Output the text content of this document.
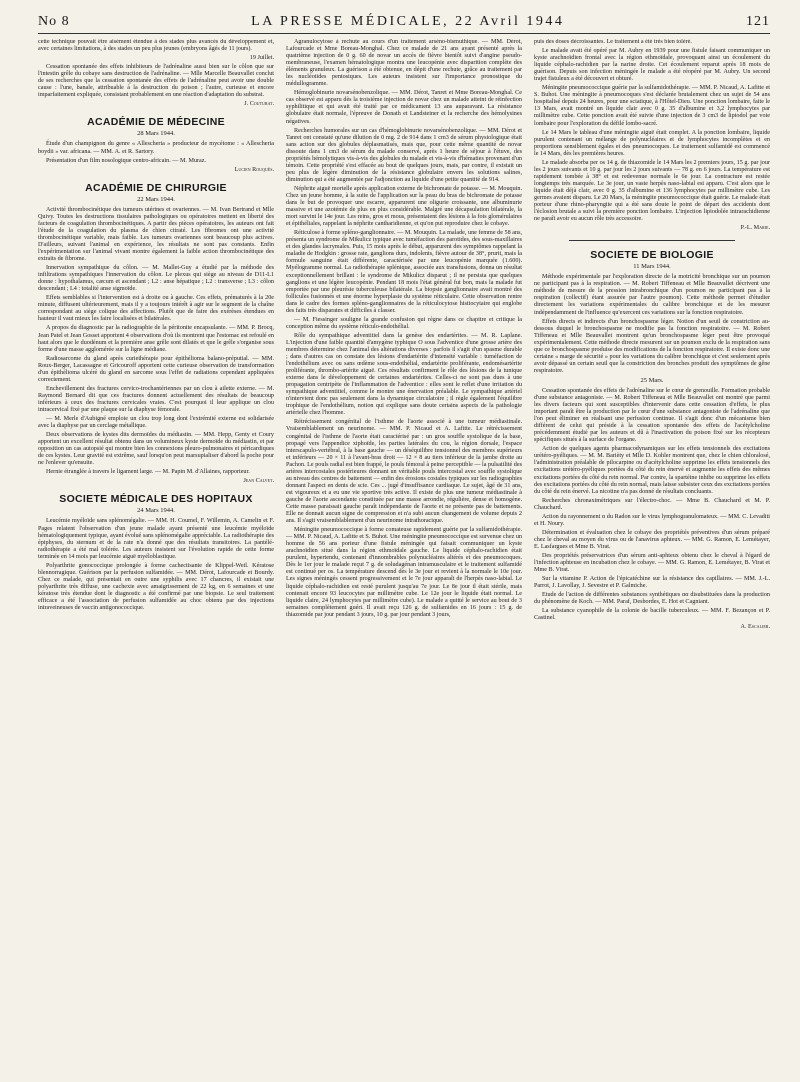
No 8	LA PRESSE MÉDICALE, 22 Avril 1944	121

cette technique pouvait être aisément étendue à des stades plus avancés du développement et, avec certaines limitations, à des stades un peu plus jeunes (embryons âgés de 11 jours).

19 Juillet.

Cessation spontanée des effets inhibiteurs de l'adrénaline aussi bien sur le côlon que sur l'intestin grêle du cobaye sans destruction de l'adrénaline. — Mlle Marcelle Beauvallet conclut de ses recherches que la cessation spontanée des effets de l'adrénaline peut avoir une double cause : l'une, banale, attribuable à la destruction du poison ; l'autre, curieuse et encore imparfaitement expliquée, consistant probablement en une réaction d'adaptation du substrat.

J. Couturat.

ACADÉMIE DE MÉDECINE
28 Mars 1944.

Étude d'un champignon du genre « Allescheria » producteur de mycétome : « Allescheria boydii » var. africana. — MM. A. et R. Sartory.

Présentation d'un film nosologique centro-africain. — M. Muraz.

Lucien Rouquès.

ACADÉMIE DE CHIRURGIE
22 Mars 1944.

Activité thrombocinétique des tumeurs utérines et ovariennes. — M. Ivan Bertrand et Mlle Quivy. Toutes les destructions tissulaires pathologiques ou opératoires mettent en liberté des facteurs de coagulation thrombocinétiques. A partir des pièces opératoires, les auteurs ont fait l'étude de la coagulation du plasma de chien citraté. Les fibromes ont une activité thrombocinétique variable, mais faible. Les tumeurs ovariennes sont beaucoup plus actives. D'ailleurs, suivant l'animal en expérience, les résultats ne sont pas constants. Enfin l'expérimentation sur l'animal vivant montre également la faible action thrombocinétique des extraits de fibrome.

Innervation sympathique du côlon. — M. Mallet-Guy a étudié par la méthode des infiltrations sympathiques l'innervation du côlon. Le plexus qui siège au niveau de D11-L1 donne : hypothalamus, cæcum et ascendant ; L2 : anse hépatique ; L2 : transverse ; L3 : côlon descendant ; L4 : totalité anse sigmoïde.

Effets semblables si l'intervention est à droite ou à gauche. Ces effets, prématurés à la 20e minute, diffusent ultérieurement, mais il y a toujours intérêt à agir sur le segment de la chaîne correspondant au siège colique des affections. Plutôt que de faire des exérèses étendues en hauteur il vaut mieux les faire localisées et bilatérales.

A propos du diagnostic par la radiographie de la péritonite encapsulante. — MM. P. Brocq, Jean Patel et Jean Gosset apportent 4 observations d'où ils montrent que l'estomac est refoulé en haut alors que le duodénum et la première anse grêle sont dilatés et que le grêle s'organise sous forme d'une masse agglomérée sur la ligne médiane.

Radiosarcome du gland après curiethérapie pour épithélioma balano-préputial. — MM. Roux-Berger, Lacassagne et Gricouroff apportent cette curieuse observation de transformation d'un épithélioma ulcéré du gland en sarcome sous l'effet de radiations cependant appliquées correctement.

Enchevillement des fractures cervico-trochantériennes par un clou à ailette externe. — M. Raymond Bernard dit que ces fractures donnent actuellement des résultats de beaucoup inférieurs à ceux des fractures cervicales vraies. C'est pourquoi il leur applique un clou intracervical fixé par une plaque sur la diaphyse fémorale.

— M. Merle d'Aubigné emploie un clou trop long dont l'extrémité externe est solidarisée avec la diaphyse par un cerclage métallique.

Deux observations de kystes dits dermoïdes du médiastin. — MM. Hepp, Genty et Coury apportent un excellent résultat obtenu dans un volumineux kyste dermoïde du médiastin, et par opposition un cas autopsié qui montre bien les connexions pleuro-pulmonaires et péricardiques de ces kystes. Leur gravité est extrême, sauf lorsqu'on peut marsupialiser d'abord la poche pour ne l'enlever qu'ensuite.

Hernie étranglée à travers le ligament large. — M. Papin M. d'Allaines, rapporteur.

Jean Calvet.

SOCIETE MÉDICALE DES HOPITAUX
24 Mars 1944.

Leucémie myéloïde sans splénomégalie. — MM. H. Coumel, F. Willemin, A. Camelin et F. Pages relatent l'observation d'un jeune malade ayant présenté une leucémie myéloïde hématologiquement typique, ayant évolué sans splénomégalie appréciable. La radiothérapie des épiphyses, du sternum et de la rate n'a donné que des résultats transitoires. La pantélé-radiothérapie a été mal tolérée. Les auteurs insistent sur l'évolution rapide de cette forme terminée en 14 mois par leucémie aiguë myéloblastique.

Polyarthrite gonococcique prolongée à forme cachectisante de Klippel-Weil. Kératose blennorragique. Guérison par la perfusion sulfamidée. — MM. Dérot, Lafourcade et Bourdy. Chez ce malade, qui présentait en outre une syphilis avec 17 chancres, il existait une polyarthrite très diffuse, une cachexie avec amaigrissement de 22 kg, en 6 semaines et une kératose très étendue dont le diagnostic a été confirmé par une biopsie. Le seul traitement efficace a été l'association de perfusion sulfamidée au choc obtenu par des injections intraveineuses de vaccin antigonococcique.

Agranulocytose à rechute au cours d'un traitement arséno-bismuthique. — MM. Dérot, Lafourcade et Mme Boreau-Monghal. Chez ce malade de 21 ans ayant présenté après la quatrième injection de 0 g. 60 de novar un accès de fièvre bientôt suivi d'angine pseudo-membraneuse, l'examen hématologique montra une leucopénie avec disparition complète des éléments granuleux. La guérison a été obtenue, en dépit d'une rechute, grâce au traitement par les nucléotides pentosiques. Les auteurs insistent sur l'importance pronostique du médullogramme.

Hémoglobinurie novarsénobenzolique. — MM. Dérot, Tanret et Mme Boreau-Monghal. Ce cas observé est apparu dès la troisième injection de novar chez un malade atteint de réinfection syphilitique et qui avait été traité par ce médicament 13 ans auparavant. La résistance globulaire était normale, l'épreuve de Donath et Landsteiner et la recherche des hémolysines négatives.

Recherches humorales sur un cas d'hémoglobinurie novarsénobenzolique. — MM. Dérot et Tanret ont constaté qu'une dilution de 0 mg. 2 de 914 dans 1 cm3 de sérum physiologique était sans action sur des globules déplasmatisés, mais que, pour cette même quantité de novar dissoute dans 1 cm3 de sérum du malade conservé, après 1 heure de séjour à l'étuve, des propriétés hémolytiques vis-à-vis des globules du malade et vis-à-vis d'hématies provenant d'un témoin. Cette propriété s'est effacée au bout de quelques jours, mais, par contre, il existait un peu plus de légère diminution de la résistance globulaire envers les solutions salines, diminution qui a été augmentée par l'adjonction au liquide d'une petite quantité de 914.

Néphrite aiguë mortelle après application externe de bichromate de potasse. — M. Mouquin. Chez un jeune homme, à la suite de l'application sur la peau du bras de bichromate de potasse dans le but de provoquer une escarre, apparurent une oligurie croissante, une albuminurie massive et une azotémie de plus en plus considérable. Malgré une décapsulation bilatérale, la mort survint le 14e jour. Les reins, gros et mous, présentaient des lésions à la fois glomérulaires et épithéliales, rappelant la néphrite cantharidienne, et qu'on put reproduire chez le cobaye.

Réticulose à forme spléno-ganglionnaire. — M. Mouquin. La malade, une femme de 58 ans, présenta un syndrome de Mikulicz typique avec tuméfaction des parotides, des sous-maxillaires et des glandes lacrymales. Puis, 15 mois après le début, apparurent des symptômes rappelant la maladie de Hodgkin : grosse rate, ganglions durs, indolents, fièvre autour de 38°, prurit, mais la formule sanguine était différente, caractérisée par une leucopénie marquée (1.600). Myélogramme normal. La radiothérapie splénique, associée aux transfusions, donna un résultat exceptionnellement brillant : le syndrome de Mikulicz disparut ; il ne persista que quelques ganglions et une légère leucopénie. Pendant 18 mois l'état général fut bon, mais la malade fut emportée par une pleurésie tuberculeuse bilatérale. La biopsie ganglionnaire avait montré des follicules fusionnés et une énorme hyperplasie du système réticulaire. Cette observation rentre dans le cadre des formes spléno-ganglionnaires de la réticulocytose histiocytaire qui englobe des faits très disparates et difficiles à classer.

— M. Fiessinger souligne la grande confusion qui règne dans ce chapitre et critique la conception même du système réticulo-endothélial.

Rôle du sympathique adventitiel dans la genèse des endartérites. — M. R. Laplane. L'injection d'une faible quantité d'amygène typhique O sous l'adventice d'une grosse artère des membres détermine chez l'animal des altérations diverses : parfois il s'agit d'un spasme durable ; dans d'autres cas on constate des lésions d'endartérite d'intensité variable : tuméfaction de l'endothélium avec ou sans œdème sous-endothélial, endartérite proliférante, endomésartérite proliférante, thrombo-artérite aiguë. Ces résultats confirment le rôle des lésions de la tunique externe dans le développement de certaines endartérites. Celles-ci ne sont pas dues à une propagation centripète de l'inflammation de l'adventice : elles sont le reflet d'une irritation du sympathique adventitiel, comme le montre une énervation préalable. Le sympathique artériel n'intervient donc pas seulement dans la dynamique circulatoire ; il règle également l'équilibre trophique de l'endothélium, notion qui explique sans doute certains aspects de la pathologie artérielle chez l'homme.

Rétrécissement congénital de l'isthme de l'aorte associé à une tumeur médiastinale. Vraisemblablement un neurinome. — MM. P. Nicaud et A. Lafitte. Le rétrécissement congénital de l'isthme de l'aorte était caractérisé par : un gros souffle systolique de la base, propagé vers l'appendice xiphoïde, les parties latérales du cou, la région dorsale, l'espace interscapulo-vertébral, à la base gauche — un déséquilibre tensionnel des membres supérieurs et inférieurs — 20 × 11 à l'avant-bras droit — 12 × 8 au tiers inférieur de la jambe droite au Pachon. Le pouls radial est bien frappé, le pouls fémoral à peine perceptible — la pulsatilité des artères intercostales postérieures donnant un véritable pouls intercostal avec souffle systolique au niveau des centres de battement — enfin des érosions costales typiques sur les radiographies donnant l'aspect en dents de scie. Ces ... jugé d'insuffisance cardiaque. Le sujet, âgé de 31 ans, est vigoureux et a eu une vie sportive très active. Il existe de plus une tumeur médiastinale à gauche de l'aorte ascendante constituée par une masse arrondie, régulière, dense et homogène. Cette masse paraissait gauche paraît indépendante de l'aorte et ne présente pas de battements. Elle ne donnait aucun signe de compression et n'a subi aucun changement de volume depuis 2 ans. Il s'agit vraisemblablement d'un neurinome intrathoracique.

Méningite pneumococcique à forme comateuse rapidement guérie par la sulfamidothérapie. — MM. P. Nicaud, A. Lafitte et S. Buhot. Une méningite pneumococcique est survenue chez un homme de 56 ans porteur d'une fistule méningée qui faisait communiquer un kyste arachnoïdien situé dans la région ethmoïdale gauche. Le liquide céphalo-rachidien était purulent, hypertendu, contenant d'innombrables polynucléaires altérés et des pneumocoques. Dès le 1er jour le malade reçut 7 g. de soludagénan intramusculaire et le traitement sulfamidé est continué per os. La température descend dès le 3e jour et revient à la normale le 10e jour. Les signes méningés cessent progressivement et le 7e jour apparaît de l'herpès naso-labial. Le liquide céphalo-rachidien est resté purulent jusqu'au 7e jour. Le 8e jour il était stérile, mais contenait encore 93 leucocytes par millimètre cube. Le 12e jour le liquide était normal. Le liquide claire, 24 lymphocytes par millimètre cube). Le malade a quitté le service au bout de 3 semaines complètement guéri. Il avait reçu 126 g. de sulfamides en 16 jours : 15 g. de thiazomide par jour pendant 3 jours, 10 g. par jour pendant 3 jours,

puis des doses décroissantes. Le traitement a été très bien toléré.

Le malade avait été opéré par M. Aubry en 1939 pour une fistule faisant communiquer un kyste arachnoïdien frontal avec la région ethmoïdale, provoquant ainsi un écoulement du liquide céphalo-rachidien par la narine droite. Cet écoulement reparut après 18 mois de guérison. Depuis son infection méningée le malade a été réopéré par M. Aubry. Un second trajet fistuleux a été découvert et obturé.

Méningite pneumococcique guérie par la sulfamidothérapie. — MM. P. Nicaud, A. Lafitte et S. Buhot. Une méningite à pneumocoques s'est déclarée brutalement chez un sujet de 54 ans hospitalisé depuis 24 heures, pour une sciatique, à l'Hôtel-Dieu. Une ponction lombaire, faite le 13 Mars, avait montré un liquide clair avec 0 g. 35 d'albumine et 3,2 lymphocytes par millimètre cube. Cette ponction avait été suivie d'une injection de 3 cm3 de lipiodol par voie lombaire pour l'exploration du défilé lombo-sacré.

Le 14 Mars le tableau d'une méningite aiguë était complet. A la ponction lombaire, liquide purulent contenant un mélange de polynucléaires et de lymphocytes incomplètes et en proportions sensiblement égales et des pneumocoques. Le traitement sulfamidé est commencé le 14 Mars, dès les premières heures.

Le malade absorba per os 14 g. de thiazomide le 14 Mars les 2 premiers jours, 15 g. par jour les 2 jours suivants et 10 g. par jour les 2 jours suivants — 78 g. en 6 jours. La température est rapidement tombée à 38° et est redevenue normale le 6e jour. La contracture est restée longtemps très marquée. Le 3e jour, un vaste herpès naso-labial est apparu. C'est alors que le liquide était déjà clair, avec 0 g. 35 d'albumine et 136 lymphocytes par millimètre cube. Les germes avaient disparu. Le 20 Mars, la méningite pneumococcique était guérie. Le malade était porteur d'une rhino-pharyngite qui a été sans doute le point de départ des accidents dont l'éclosion brutale a suivi la première ponction lombaire. L'injection lipiodolée intrarachidienne ne paraît avoir eu aucun rôle très accessoire.

P.-L. Marie.

SOCIETE DE BIOLOGIE
11 Mars 1944.

Méthode expérimentale par l'exploration directe de la motricité bronchique sur un poumon ne participant pas à la respiration. — M. Robert Tiffeneau et Mlle Beauvallet décrivent une méthode de mesure de la pression intrabronchique d'un poumon ne participant pas à la respiration (collectif) étant assurée par l'autre poumon). Cette méthode permet d'étudier directement les variations expérimentales du calibre bronchique et de les mesurer indépendamment de l'influence qu'exercent ces variations sur la fonction respiratoire.

Effets directs et indirects d'un bronchospasme léger. Notion d'un seuil de constriction au-dessous duquel le bronchospasme ne modifie pas la fonction respiratoire. — M. Robert Tiffeneau et Mlle Beauvallet montrent qu'un bronchospasme léger peut être provoqué expérimentalement. Cette méthode directe mesurent sur un poumon exclu de la respiration sans que ce bronchospasme produise des modifications de la fonction respiratoire. Il existe donc une certaine « marge de sécurité » pour les variations du calibre bronchique et c'est seulement après avoir dépassé un certain seuil que la constriction des bronches produit des symptômes de gêne respiratoire.

25 Mars.

Cessation spontanée des effets de l'adrénaline sur le cœur de grenouille. Formation probable d'une substance antagoniste. — M. Robert Tiffeneau et Mlle Beauvallet ont montré que parmi les divers facteurs qui sont susceptibles d'intervenir dans cette cessation d'effets, le plus important paraît être la production par le cœur d'une substance antagoniste de l'adrénaline que l'on peut éliminer en réalisant une perfusion continue. Il s'agit donc d'un mécanisme bien différent de celui qui préside à la cessation spontanée des effets de l'acétylcholine précédemment étudié par les auteurs et dû à l'inactivation du poison fixé sur les récepteurs spécifiques situés à la surface de l'organe.

Action de quelques agents pharmacodynamiques sur les effets tensionnels des excitations urétéro-pyéliques. — M. M. Barièty et Mlle D. Kohler montrent que, chez le chien chloralosé, l'administration préalable de pilocarpine ou d'acétylcholine supprime les effets tensionnels des excitations urétéro-pyéliques portées du côté du rein énervé et augmente les effets des mêmes excitations portées du côté du rein normal. Par contre, la spartéine inhibe ou supprime les effets des excitations portées du côté du rein normal, mais laisse subsister ceux des excitations portées du côté du rein énervé. La nicotine n'a pas donné de résultats concluants.

Recherches chronaximétriques sur l'électro-choc. — Mme B. Chauchard et M. P. Chauchard.

Action du rayonnement α du Radon sur le virus lymphogranulomateux. — MM. C. Levaditi et H. Noury.

Détermination et évaluation chez le cobaye des propriétés préventives d'un sérum préparé chez le cheval au moyen du virus ou de l'anavirus aphteux. — MM. G. Ramon, E. Lemétayer, E. Lasfargues et Mme B. Virat.

Des propriétés préservatrices d'un sérum anti-aphteux obtenu chez le cheval à l'égard de l'infection aphteuse en incubation chez le cobaye. — MM. G. Ramon, E. Lemétayer, B. Virat et Mme B. Virat.

Sur la vitamine P. Action de l'épicatéchine sur la résistance des capillaires. — MM. J.-L. Parrot, J. Lavollay, J. Sevestre et P. Galmiche.

Etude de l'action de différentes substances synthétiques αα disubstituées dans la production du phénomène de Koch. — MM. Paraf, Desbordes, E. Hot et Cagniant.

La substance cyanophile de la colonie de bacille tuberculeux. — MM. F. Bezançon et P. Castinel.

A. Escalier.
